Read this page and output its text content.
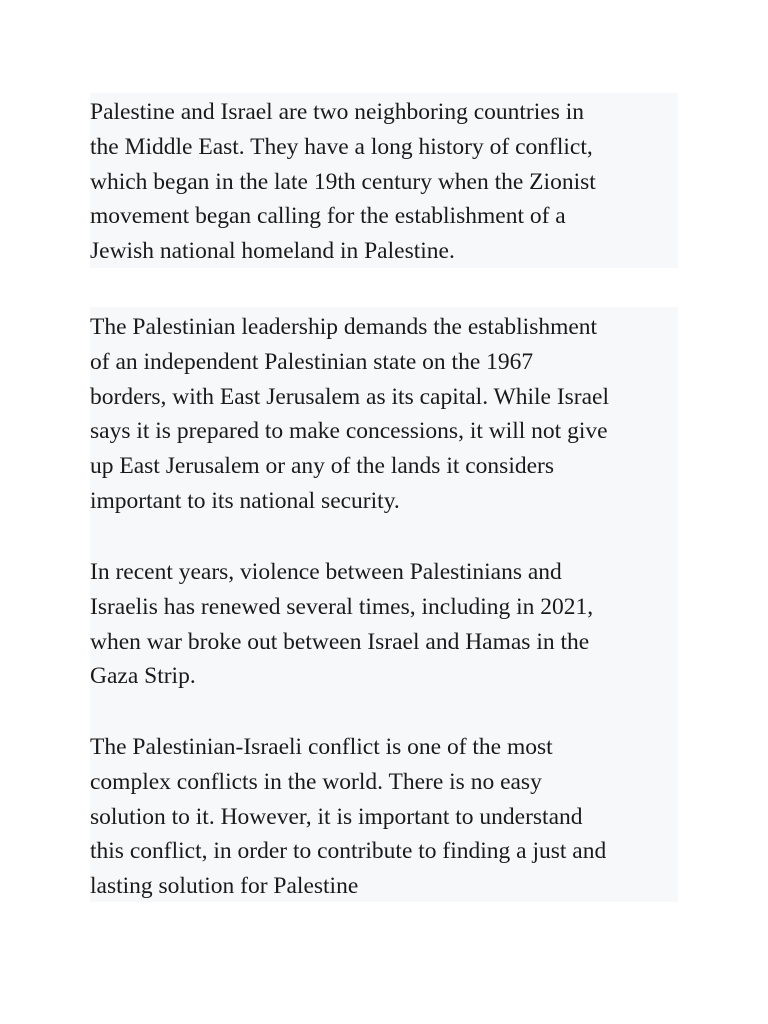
Palestine and Israel are two neighboring countries in
the Middle East. They have a long history of conflict,
which began in the late 19th century when the Zionist
movement began calling for the establishment of a
Jewish national homeland in Palestine.

The Palestinian leadership demands the establishment
of an independent Palestinian state on the 1967
borders, with East Jerusalem as its capital. While Israel
says it is prepared to make concessions, it will not give
up East Jerusalem or any of the lands it considers
important to its national security.

In recent years, violence between Palestinians and
Israelis has renewed several times, including in 2021,
when war broke out between Israel and Hamas in the
Gaza Strip.

The Palestinian-Israeli conflict is one of the most
complex conflicts in the world. There is no easy
solution to it. However, it is important to understand
this conflict, in order to contribute to finding a just and
lasting solution for Palestine
